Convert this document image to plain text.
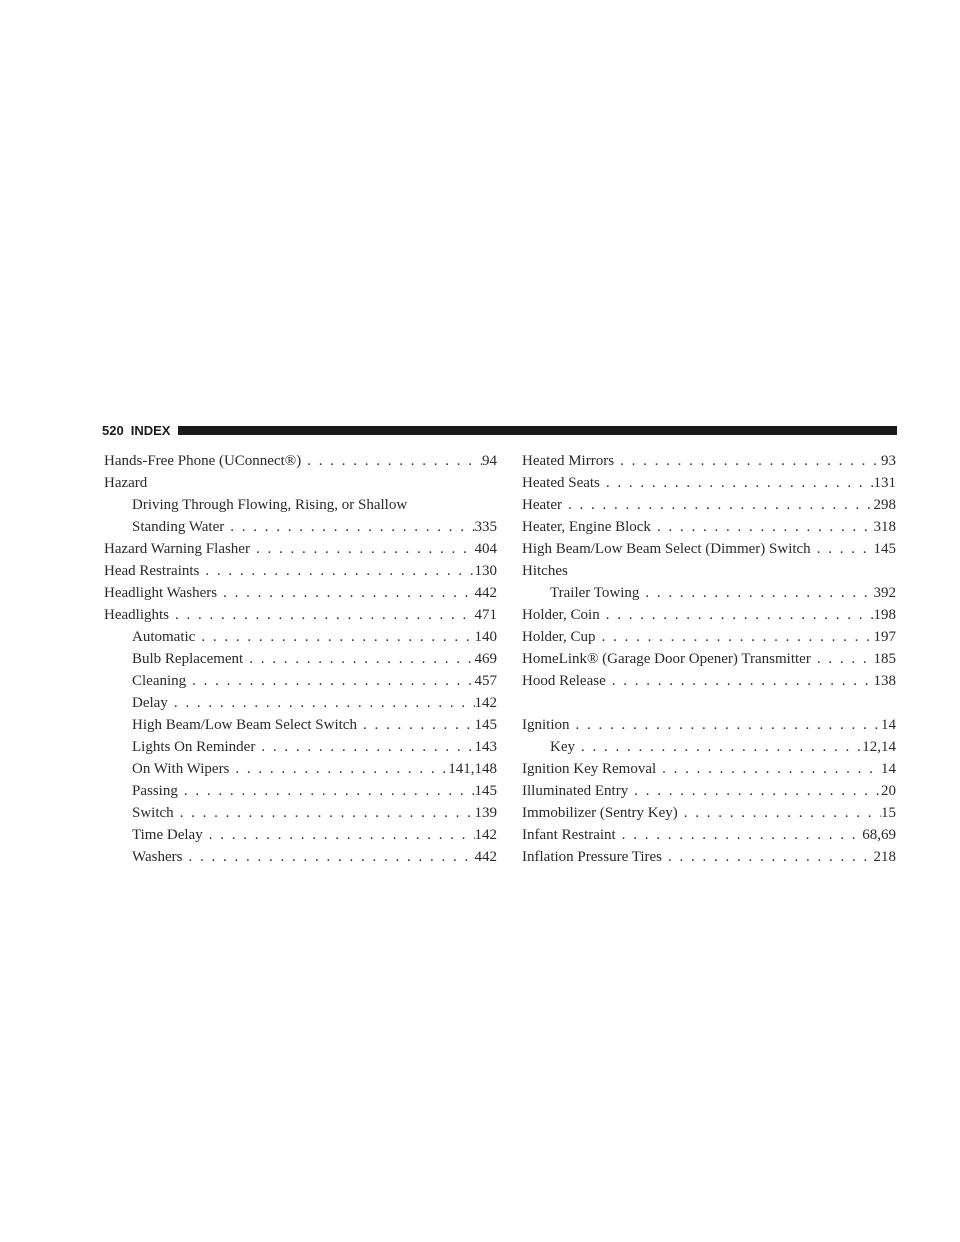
520 INDEX
Hands-Free Phone (UConnect®) . . .	94
Hazard
Driving Through Flowing, Rising, or Shallow
Standing Water . . .	335
Hazard Warning Flasher . . .	404
Head Restraints . . .	130
Headlight Washers . . .	442
Headlights . . .	471
Automatic . . .	140
Bulb Replacement . . .	469
Cleaning . . .	457
Delay . . .	142
High Beam/Low Beam Select Switch . . .	145
Lights On Reminder . . .	143
On With Wipers . . .	141,148
Passing . . .	145
Switch . . .	139
Time Delay . . .	142
Washers . . .	442
Heated Mirrors . . .	93
Heated Seats . . .	131
Heater . . .	298
Heater, Engine Block . . .	318
High Beam/Low Beam Select (Dimmer) Switch . . .	145
Hitches
Trailer Towing . . .	392
Holder, Coin . . .	198
Holder, Cup . . .	197
HomeLink® (Garage Door Opener) Transmitter . . .	185
Hood Release . . .	138
Ignition . . .	14
Key . . .	12,14
Ignition Key Removal . . .	14
Illuminated Entry . . .	20
Immobilizer (Sentry Key) . . .	15
Infant Restraint . . .	68,69
Inflation Pressure Tires . . .	218
